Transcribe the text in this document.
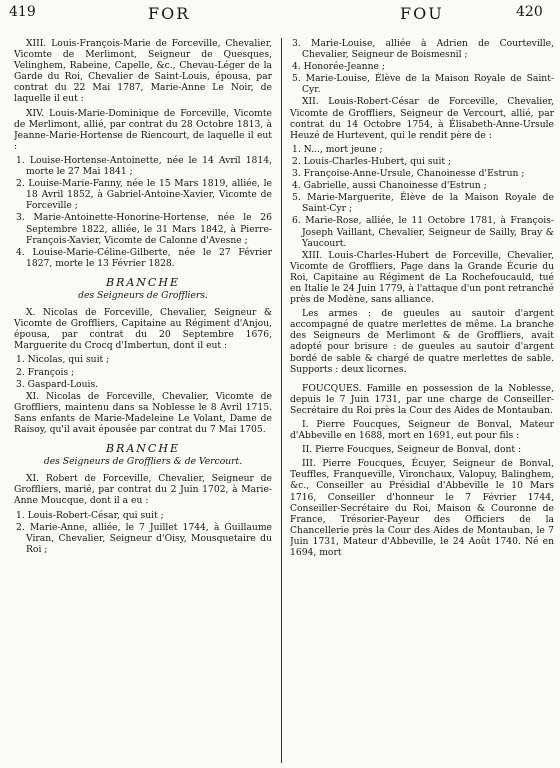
419	FOR	FOU	420

XIII. Louis-François-Marie de Forceville, Chevalier, Vicomte de Merlimont, Seigneur de Quesques, Velinghem, Rabeine, Capelle, &c., Chevau-Léger de la Garde du Roi, Chevalier de Saint-Louis, épousa, par contrat du 22 Mai 1787, Marie-Anne Le Noir, de laquelle il eut :

XIV. Louis-Marie-Dominique de Forceville, Vicomte de Merlimont, allié, par contrat du 28 Octobre 1813, à Jeanne-Marie-Hortense de Riencourt, de laquelle il eut :

1. Louise-Hortense-Antoinette, née le 14 Avril 1814, morte le 27 Mai 1841 ;

2. Louise-Marie-Fanny, née le 15 Mars 1819, alliée, le 18 Avril 1852, à Gabriel-Antoine-Xavier, Vicomte de Forceville ;

3. Marie-Antoinette-Honorine-Hortense, née le 26 Septembre 1822, alliée, le 31 Mars 1842, à Pierre-François-Xavier, Vicomte de Calonne d'Avesne ;

4. Louise-Marie-Céline-Gilberte, née le 27 Février 1827, morte le 13 Février 1828.

BRANCHE
des Seigneurs de Groffliers.

X. Nicolas de Forceville, Chevalier, Seigneur & Vicomte de Groffliers, Capitaine au Régiment d'Anjou, épousa, par contrat du 20 Septembre 1676, Marguerite du Crocq d'Imbertun, dont il eut :

1. Nicolas, qui suit ;

2. François ;

3. Gaspard-Louis.

XI. Nicolas de Forceville, Chevalier, Vicomte de Groffliers, maintenu dans sa Noblesse le 8 Avril 1715. Sans enfants de Marie-Madeleine Le Volant, Dame de Raisoy, qu'il avait épousée par contrat du 7 Mai 1705.

BRANCHE
des Seigneurs de Groffliers & de Vercourt.

XI. Robert de Forceville, Chevalier, Seigneur de Groffliers, marié, par contrat du 2 Juin 1702, à Marie-Anne Moucque, dont il a eu :

1. Louis-Robert-César, qui suit ;

2. Marie-Anne, alliée, le 7 Juillet 1744, à Guillaume Viran, Chevalier, Seigneur d'Oisy, Mousquetaire du Roi ;

3. Marie-Louise, alliée à Adrien de Courteville, Chevalier, Seigneur de Boismesnil ;

4. Honorée-Jeanne ;

5. Marie-Louise, Élève de la Maison Royale de Saint-Cyr.

XII. Louis-Robert-César de Forceville, Chevalier, Vicomte de Groffliers, Seigneur de Vercourt, allié, par contrat du 14 Octobre 1754, à Élisabeth-Anne-Ursule Heuzé de Hurtevent, qui le rendit père de :

1. N..., mort jeune ;

2. Louis-Charles-Hubert, qui suit ;

3. Françoise-Anne-Ursule, Chanoinesse d'Estrun ;

4. Gabrielle, aussi Chanoinesse d'Estrun ;

5. Marie-Marguerite, Élève de la Maison Royale de Saint-Cyr ;

6. Marie-Rose, alliée, le 11 Octobre 1781, à François-Joseph Vaillant, Chevalier, Seigneur de Sailly, Bray & Yaucourt.

XIII. Louis-Charles-Hubert de Forceville, Chevalier, Vicomte de Groffliers, Page dans la Grande Écurie du Roi, Capitaine au Régiment de La Rochefoucauld, tué en Italie le 24 Juin 1779, à l'attaque d'un pont retranché près de Modène, sans alliance.

Les armes : de gueules au sautoir d'argent accompagné de quatre merlettes de même. La branche des Seigneurs de Merlimont & de Groffliers, avait adopté pour brisure : de gueules au sautoir d'argent bordé de sable & chargé de quatre merlettes de sable. Supports : deux licornes.

FOUCQUES. Famille en possession de la Noblesse, depuis le 7 Juin 1731, par une charge de Conseiller-Secrétaire du Roi près la Cour des Aides de Montauban.

I. Pierre Foucques, Seigneur de Bonval, Mateur d'Abbeville en 1688, mort en 1691, eut pour fils :

II. Pierre Foucques, Seigneur de Bonval, dont :

III. Pierre Foucques, Écuyer, Seigneur de Bonval, Teuffles, Franqueville, Vironchaux, Valopuy, Balinghem, &c., Conseiller au Présidial d'Abbeville le 10 Mars 1716, Conseiller d'honneur le 7 Février 1744, Conseiller-Secrétaire du Roi, Maison & Couronne de France, Trésorier-Payeur des Officiers de la Chancellerie près la Cour des Aides de Montauban, le 7 Juin 1731, Mateur d'Abbeville, le 24 Août 1740. Né en 1694, mort
